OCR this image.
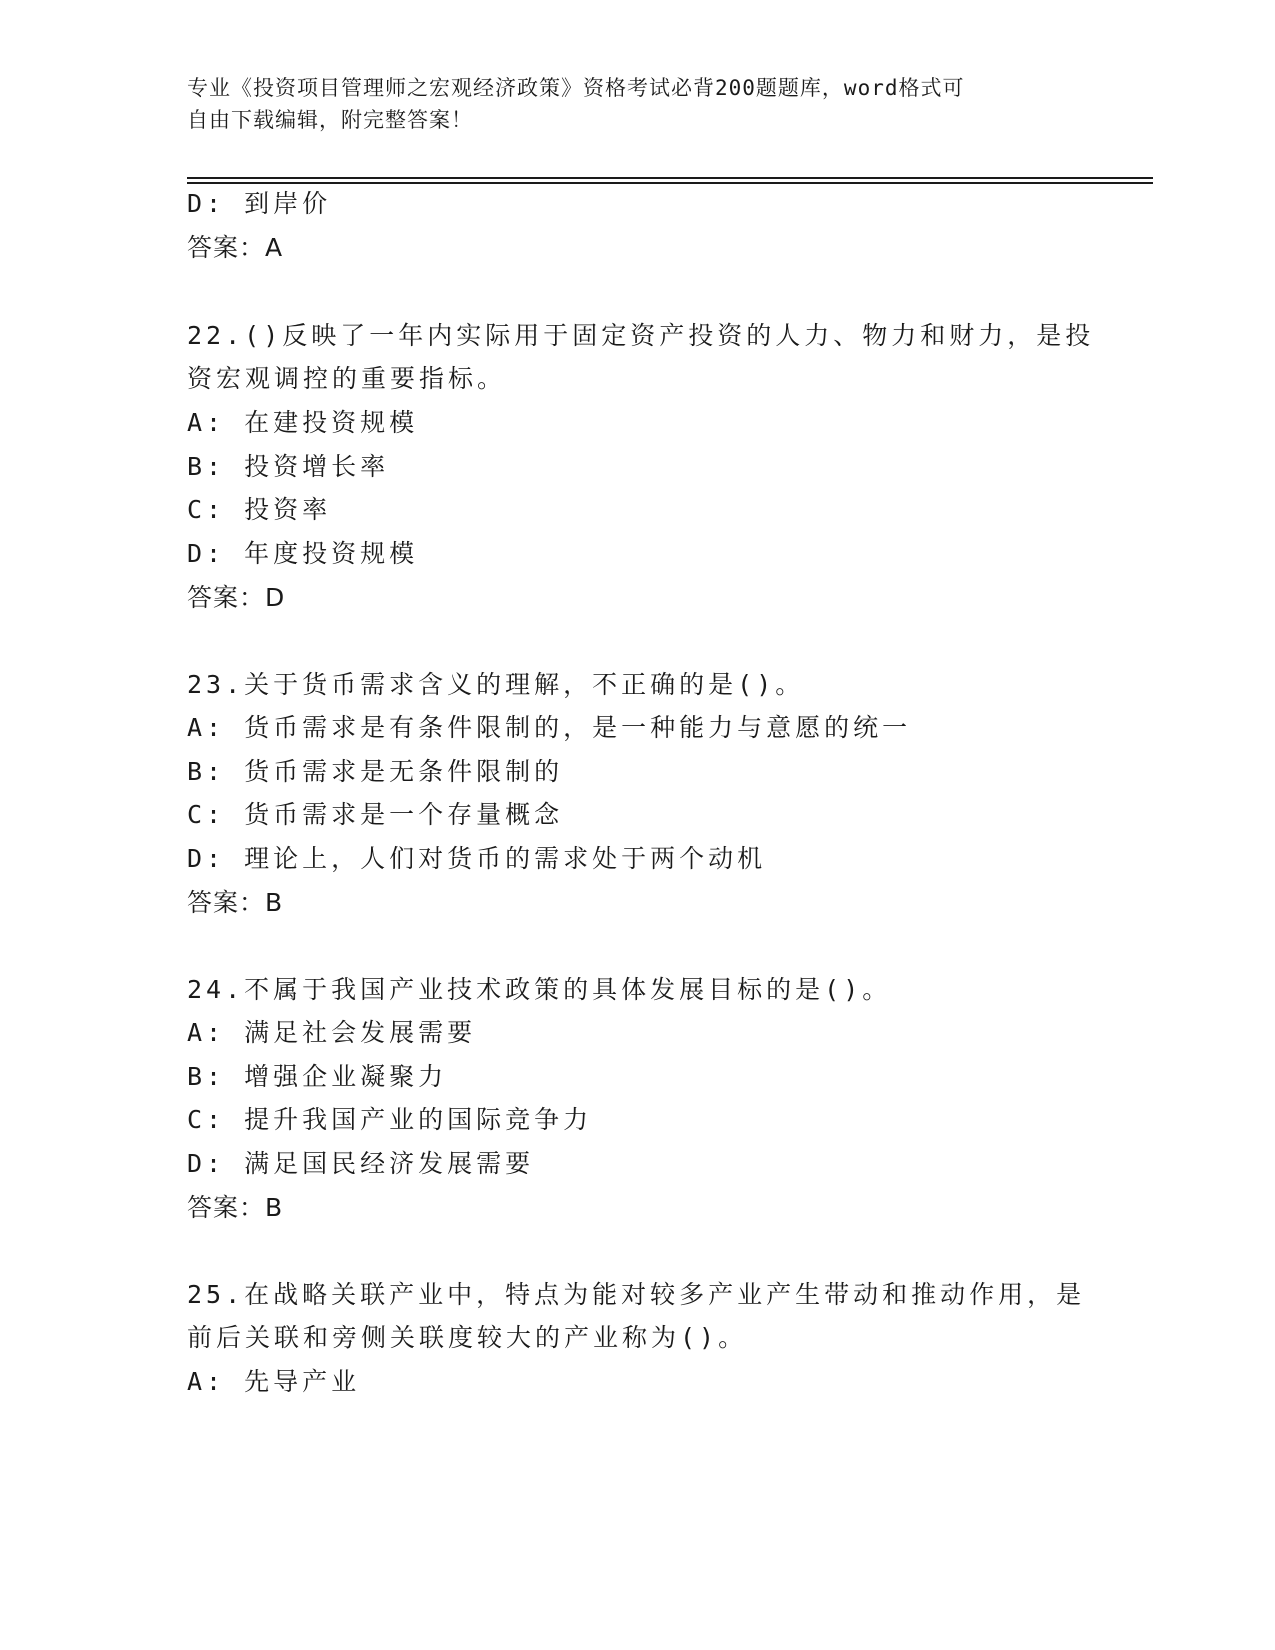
专业《投资项目管理师之宏观经济政策》资格考试必背200题题库，word格式可
自由下载编辑，附完整答案！
D: 到岸价
答案：A
22.()反映了一年内实际用于固定资产投资的人力、物力和财力，是投
资宏观调控的重要指标。
A: 在建投资规模
B: 投资增长率
C: 投资率
D: 年度投资规模
答案：D
23.关于货币需求含义的理解，不正确的是()。
A: 货币需求是有条件限制的，是一种能力与意愿的统一
B: 货币需求是无条件限制的
C: 货币需求是一个存量概念
D: 理论上，人们对货币的需求处于两个动机
答案：B
24.不属于我国产业技术政策的具体发展目标的是()。
A: 满足社会发展需要
B: 增强企业凝聚力
C: 提升我国产业的国际竞争力
D: 满足国民经济发展需要
答案：B
25.在战略关联产业中，特点为能对较多产业产生带动和推动作用，是
前后关联和旁侧关联度较大的产业称为()。
A: 先导产业
